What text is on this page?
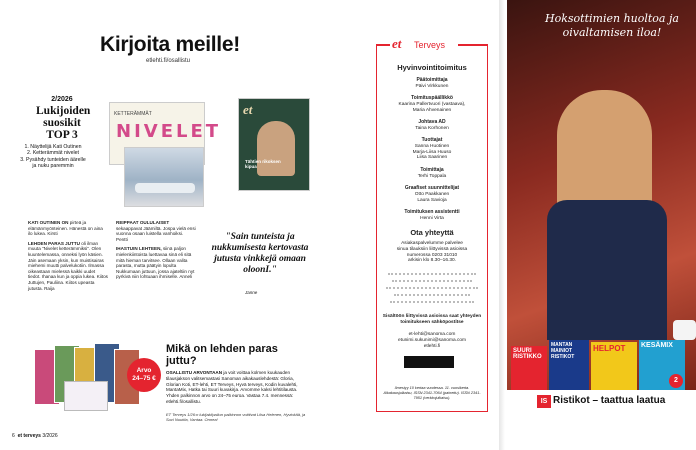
Kirjoita meille!
etlehti.fi/osallistu
2/2026
Lukijoiden suosikit TOP 3
1. Näyttelijä Kati Outinen
2. Ketterämmät nivelet
3. Pysähdy tunteiden äärelle ja nuku paremmin
KETTERÄMMÄT
NIVELET
et
Tähtien rikoksen kipua

KATI OUTINEN ON pirteä ja elämänmyönteinen. Hänestä on aina ilo lukea. Kirsti

LEHDEN PARAS JUTTU oli ilman muuta "Nivelet ketterämmiksi". Olen kuuntelemassa, onneksi lyön käsien. Jäin asemaan yksin, kun muistisairas miehemi muutti palvelukotiin. Ilmassa oikeastaan mielessä kaikki uudet tiedot. Ihanaa kun ja oppia lukea. Kiitos Juttujen, Pauliina. Kiitos upeasta jutusta. Raija

REIPPAAT OULULAISET sekaappavat Jäämiltä. Jospa vielä ensi vuonna osaan luistella vanhoiksi. Pentti

IHASTUIN LEHTEEN, siinä paljon mielenkiintoista luettavaa sinä eli sitä mitä hieman tarvitsee. Ollaan valita parasta, mutta päätyin lopulta Nukkumaan juttuun, jossa ajateltiin nyt pyrkivä niin lohtuaan ihmiselle. Anneli

"Sain tunteista ja nukkumisesta kertovasta jutusta vinkkejä omaan oloonI."
Janne
Arvo
24–75 €
Mikä on lehden paras juttu?
OSALLISTU ARVONTAAN ja voit voittaa kolmen kuukauden tilausjakson valitsemastasi Sanoman aikakauslehdestä: Gloria, Glorian Koti, ET-lehti, ET Terveys, Hyvä terveys, Kodin kuvalehti, MantaMix, Hatka tai Suuri kuvakirja. Arvomme kaksi lehtitilausta. Yhden palkinnon arvo on 24–75 euroa. Vastaa 7.4. mennessä: etlehti.fi/osallistu.
ET Terveys 1/26:n lukijakilpailun palkinnon voittivat Liisa Helenen, Hyvinkää, ja Suvi Nuuttia, Vantaa. Onnea!
6 et terveys 3/2026
et Terveys
Hyvinvointitoimitus
Päätoimittaja
Päivi Virkkunen
Toimituspäällikkö
Kaarina Pallertvuori (vastaava),
Maria Ahvenainen
Johtava AD
Taina Korhonen
Tuottajat
Sanna Huotinen
Marja-Liisa Huuso
Liisa Saarinen
Toimittaja
Terhi Toppala
Graafiset suunnittelijat
Otto Paakkanen
Laura Savioja
Toimituksen assistentti
Henni Virta
Ota yhteyttä
Asiakaspalvelumme palvelee
sinua tilauksiin liittyvissä asioissa
numerossa 0203 31010
arkisin klo 8.30–16.30.
Sisältöön liittyvissä asioissa saat yhteyden toimitukseen sähköpostitse
et-lehti@sanoma.com
etunimi.sukunimi@sanoma.com
etlehti.fi
Ilmestyy 10 kertaa vuodessa. 11. vuosikerta. Aikakausjulkaisu, ISSN 2341-7064 (painettu). ISSN 2341-7951 (verkkojulkaisu).
Hoksottimien huoltoa ja oivaltamisen iloa!
SUURI RISTIKKO
MANTAN MAINIOT RISTIKOT
HELPOT	KESÄMIX
2
IS Ristikot – taattua laatua
